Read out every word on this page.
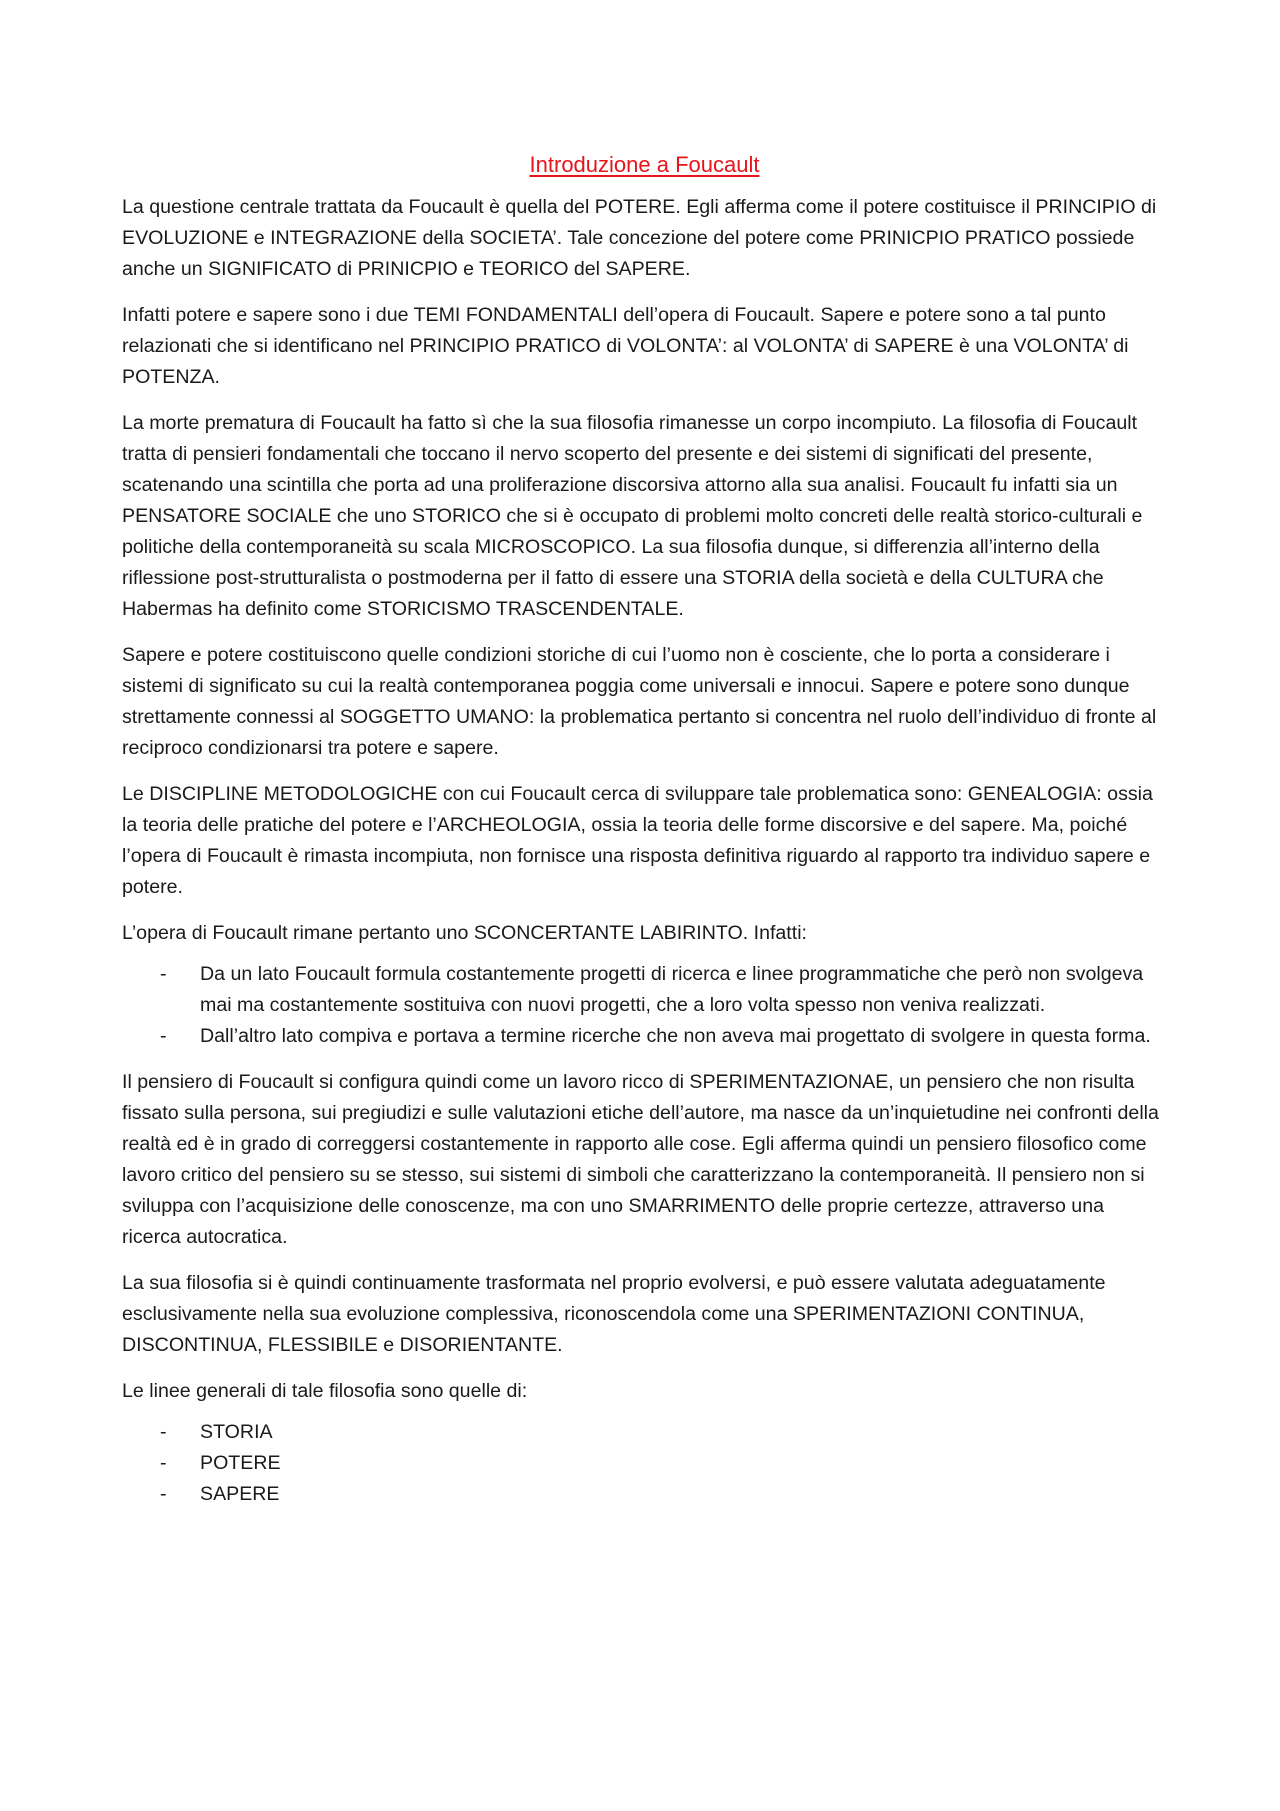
Introduzione a Foucault

La questione centrale trattata da Foucault è quella del POTERE. Egli afferma come il potere costituisce il PRINCIPIO di EVOLUZIONE e INTEGRAZIONE della SOCIETA’. Tale concezione del potere come PRINICPIO PRATICO possiede anche un SIGNIFICATO di PRINICPIO e TEORICO del SAPERE.

Infatti potere e sapere sono i due TEMI FONDAMENTALI dell’opera di Foucault. Sapere e potere sono a tal punto relazionati che si identificano nel PRINCIPIO PRATICO di VOLONTA’: al VOLONTA’ di SAPERE è una VOLONTA’ di POTENZA.

La morte prematura di Foucault ha fatto sì che la sua filosofia rimanesse un corpo incompiuto. La filosofia di Foucault tratta di pensieri fondamentali che toccano il nervo scoperto del presente e dei sistemi di significati del presente, scatenando una scintilla che porta ad una proliferazione discorsiva attorno alla sua analisi. Foucault fu infatti sia un PENSATORE SOCIALE che uno STORICO che si è occupato di problemi molto concreti delle realtà storico-culturali e politiche della contemporaneità su scala MICROSCOPICO. La sua filosofia dunque, si differenzia all’interno della riflessione post-strutturalista o postmoderna per il fatto di essere una STORIA della società e della CULTURA che Habermas ha definito come STORICISMO TRASCENDENTALE.

Sapere e potere costituiscono quelle condizioni storiche di cui l’uomo non è cosciente, che lo porta a considerare i sistemi di significato su cui la realtà contemporanea poggia come universali e innocui. Sapere e potere sono dunque strettamente connessi al SOGGETTO UMANO: la problematica pertanto si concentra nel ruolo dell’individuo di fronte al reciproco condizionarsi tra potere e sapere.

Le DISCIPLINE METODOLOGICHE con cui Foucault cerca di sviluppare tale problematica sono: GENEALOGIA: ossia la teoria delle pratiche del potere e l’ARCHEOLOGIA, ossia la teoria delle forme discorsive e del sapere. Ma, poiché l’opera di Foucault è rimasta incompiuta, non fornisce una risposta definitiva riguardo al rapporto tra individuo sapere e potere.

L’opera di Foucault rimane pertanto uno SCONCERTANTE LABIRINTO. Infatti:

- Da un lato Foucault formula costantemente progetti di ricerca e linee programmatiche che però non svolgeva mai ma costantemente sostituiva con nuovi progetti, che a loro volta spesso non veniva realizzati.
- Dall’altro lato compiva e portava a termine ricerche che non aveva mai progettato di svolgere in questa forma.

Il pensiero di Foucault si configura quindi come un lavoro ricco di SPERIMENTAZIONAE, un pensiero che non risulta fissato sulla persona, sui pregiudizi e sulle valutazioni etiche dell’autore, ma nasce da un’inquietudine nei confronti della realtà ed è in grado di correggersi costantemente in rapporto alle cose. Egli afferma quindi un pensiero filosofico come lavoro critico del pensiero su se stesso, sui sistemi di simboli che caratterizzano la contemporaneità. Il pensiero non si sviluppa con l’acquisizione delle conoscenze, ma con uno SMARRIMENTO delle proprie certezze, attraverso una ricerca autocratica.

La sua filosofia si è quindi continuamente trasformata nel proprio evolversi, e può essere valutata adeguatamente esclusivamente nella sua evoluzione complessiva, riconoscendola come una SPERIMENTAZIONI CONTINUA, DISCONTINUA, FLESSIBILE e DISORIENTANTE.

Le linee generali di tale filosofia sono quelle di:

- STORIA
- POTERE
- SAPERE
